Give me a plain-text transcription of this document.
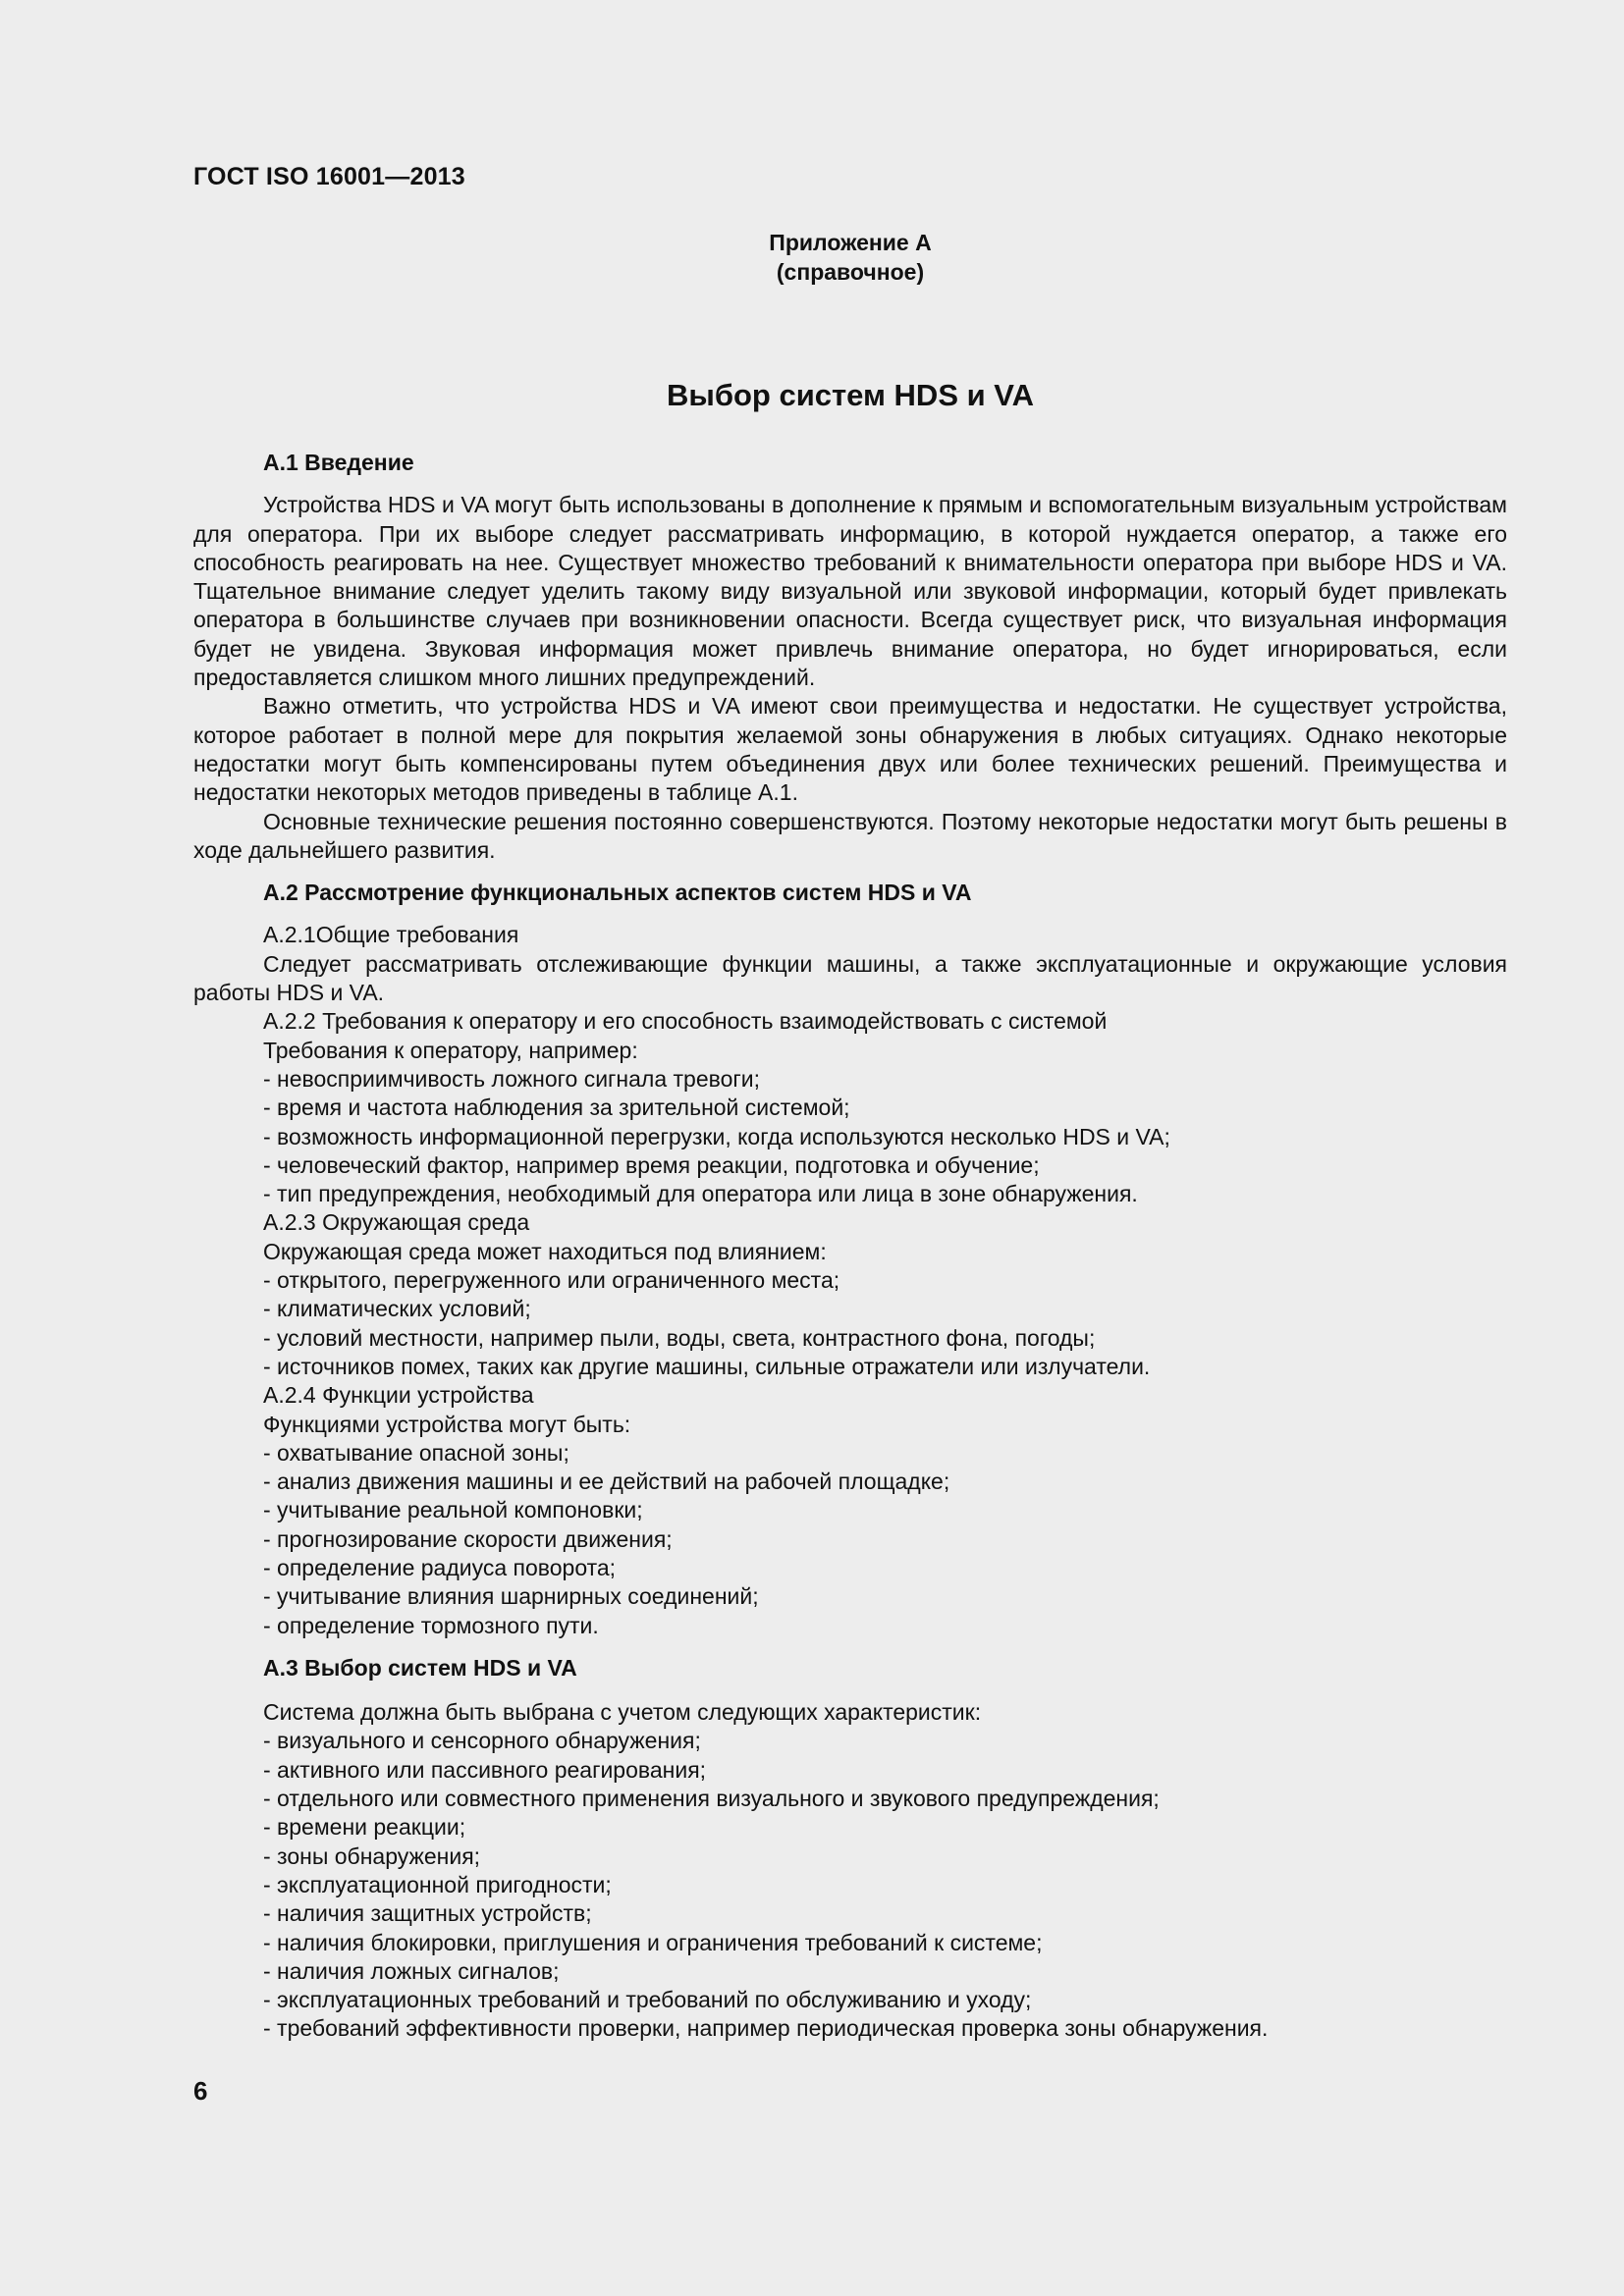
ГОСТ ISO 16001—2013
Приложение А
(справочное)
Выбор систем HDS и VA
А.1 Введение
Устройства HDS и VA могут быть использованы в дополнение к прямым и вспомогательным визуальным устройствам для оператора. При их выборе следует рассматривать информацию, в которой нуждается оператор, а также его способность реагировать на нее. Существует множество требований к внимательности оператора при выборе HDS и VA. Тщательное внимание следует уделить такому виду визуальной или звуковой информации, который будет привлекать оператора в большинстве случаев при возникновении опасности. Всегда существует риск, что визуальная информация будет не увидена. Звуковая информация может привлечь внимание оператора, но будет игнорироваться, если предоставляется слишком много лишних предупреждений.
Важно отметить, что устройства HDS и VA имеют свои преимущества и недостатки. Не существует устройства, которое работает в полной мере для покрытия желаемой зоны обнаружения в любых ситуациях. Однако некоторые недостатки могут быть компенсированы путем объединения двух или более технических решений. Преимущества и недостатки некоторых методов приведены в таблице А.1.
Основные технические решения постоянно совершенствуются. Поэтому некоторые недостатки могут быть решены в ходе дальнейшего развития.
А.2 Рассмотрение функциональных аспектов систем HDS и VA
А.2.1Общие требования
Следует рассматривать отслеживающие функции машины, а также эксплуатационные и окружающие условия работы HDS и VA.
А.2.2 Требования к оператору и его способность взаимодействовать с системой
Требования к оператору, например:
- невосприимчивость ложного сигнала тревоги;
- время и частота наблюдения за зрительной системой;
- возможность информационной перегрузки, когда используются несколько HDS и VA;
- человеческий фактор, например время реакции, подготовка и обучение;
- тип предупреждения, необходимый для оператора или лица в зоне обнаружения.
А.2.3 Окружающая среда
Окружающая среда может находиться под влиянием:
- открытого, перегруженного или ограниченного места;
- климатических условий;
- условий местности, например пыли, воды, света, контрастного фона, погоды;
- источников помех, таких как другие машины, сильные отражатели или излучатели.
А.2.4 Функции устройства
Функциями устройства могут быть:
- охватывание опасной зоны;
- анализ движения машины и ее действий на рабочей площадке;
- учитывание реальной компоновки;
- прогнозирование скорости движения;
- определение радиуса поворота;
- учитывание влияния шарнирных соединений;
- определение тормозного пути.
А.3 Выбор систем HDS и VA
Система должна быть выбрана с учетом следующих характеристик:
- визуального и сенсорного обнаружения;
- активного или пассивного реагирования;
- отдельного или совместного применения визуального и звукового предупреждения;
- времени реакции;
- зоны обнаружения;
- эксплуатационной пригодности;
- наличия защитных устройств;
- наличия блокировки, приглушения и ограничения требований к системе;
- наличия ложных сигналов;
- эксплуатационных требований и требований по обслуживанию и уходу;
- требований эффективности проверки, например периодическая проверка зоны обнаружения.
6
